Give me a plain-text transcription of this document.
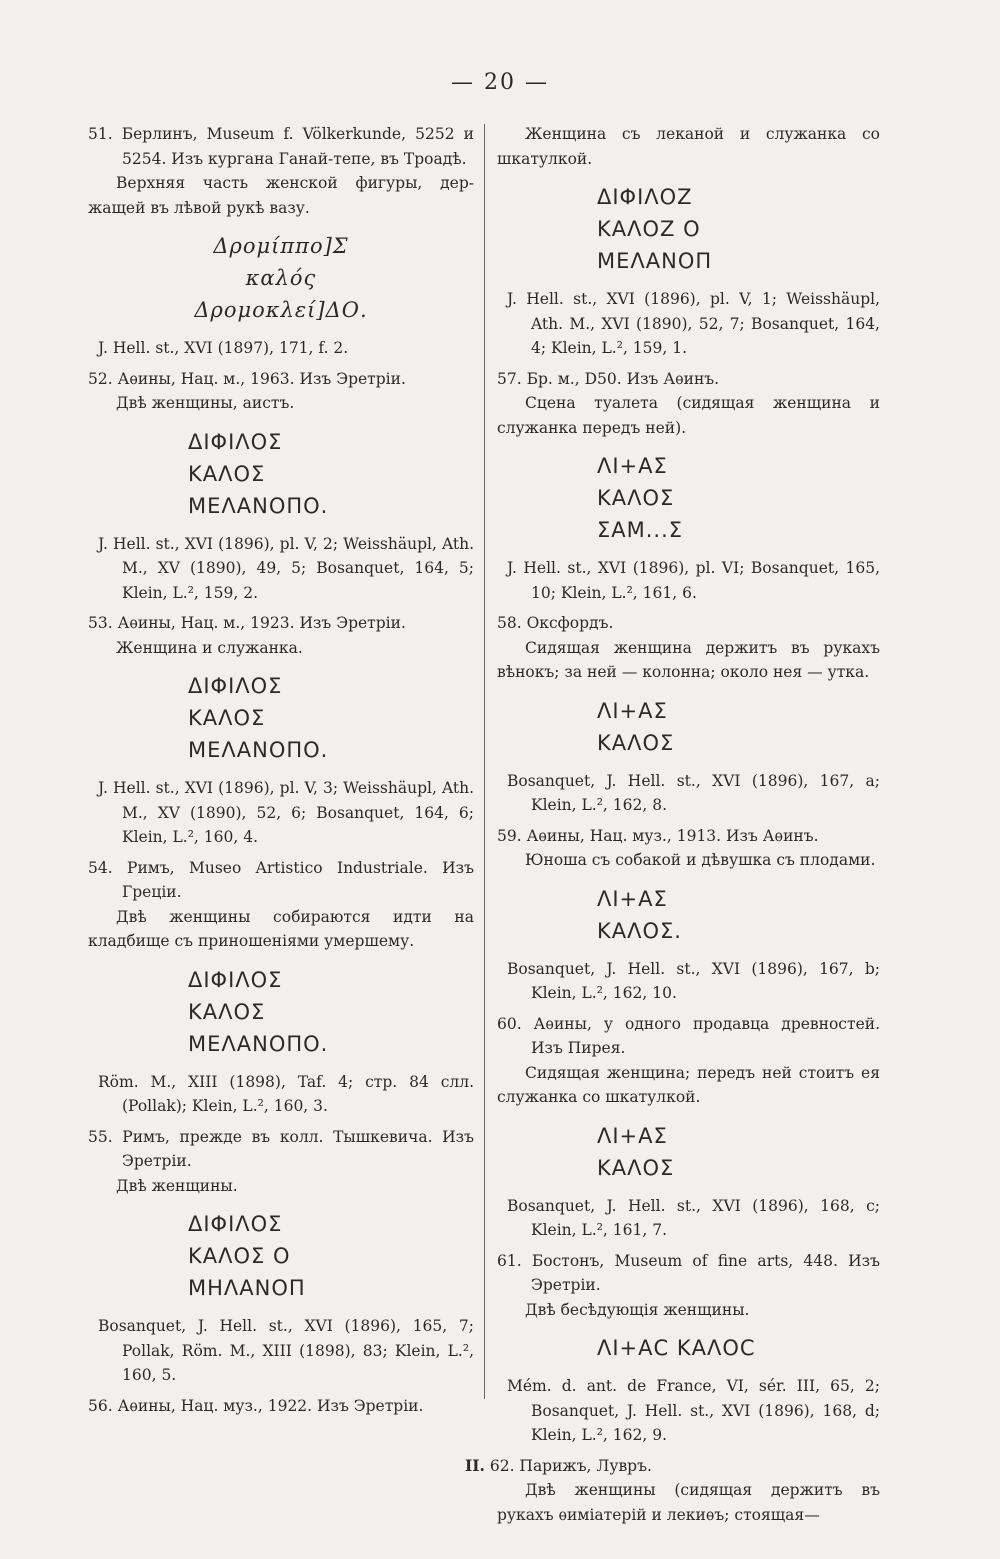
— 20 —

51. Берлинъ, Museum f. Völkerkunde, 5252 и 5254. Изъ кургана Ганай-тепе, въ Троадѣ.

Верхняя часть женской фигуры, держащей въ лѣвой рукѣ вазу.

Δρομίππο]Σ
καλός
Δρομοκλεί]ΔΟ.

J. Hell. st., XVI (1897), 171, f. 2.

52. Аѳины, Нац. м., 1963. Изъ Эретріи.

Двѣ женщины, аистъ.

ΔΙΦΙΛΟΣ
ΚΑΛΟΣ
ΜΕΛΑΝΟΠΟ.

J. Hell. st., XVI (1896), pl. V, 2; Weisshäupl, Ath. M., XV (1890), 49, 5; Bosanquet, 164, 5; Klein, L.², 159, 2.

53. Аѳины, Нац. м., 1923. Изъ Эретріи.

Женщина и служанка.

ΔΙΦΙΛΟΣ
ΚΑΛΟΣ
ΜΕΛΑΝΟΠΟ.

J. Hell. st., XVI (1896), pl. V, 3; Weisshäupl, Ath. M., XV (1890), 52, 6; Bosanquet, 164, 6; Klein, L.², 160, 4.

54. Римъ, Museo Artistico Industriale. Изъ Греціи.

Двѣ женщины собираются идти на кладбище съ приношеніями умершему.

ΔΙΦΙΛΟΣ
ΚΑΛΟΣ
ΜΕΛΑΝΟΠΟ.

Röm. M., XIII (1898), Taf. 4; стр. 84 слл. (Pollak); Klein, L.², 160, 3.

55. Римъ, прежде въ колл. Тышкевича. Изъ Эретріи.

Двѣ женщины.

ΔΙΦΙΛΟΣ
ΚΑΛΟΣ Ο
ΜΗΛΑΝΟΠ

Bosanquet, J. Hell. st., XVI (1896), 165, 7; Pollak, Röm. M., XIII (1898), 83; Klein, L.², 160, 5.

56. Аѳины, Нац. муз., 1922. Изъ Эретріи.

Женщина съ леканой и служанка со шкатулкой.

ΔΙΦΙΛΟΖ
ΚΑΛΟΖ Ο
ΜΕΛΑΝΟΠ

J. Hell. st., XVI (1896), pl. V, 1; Weisshäupl, Ath. M., XVI (1890), 52, 7; Bosanquet, 164, 4; Klein, L.², 159, 1.

57. Бр. м., D50. Изъ Аѳинъ.

Сцена туалета (сидящая женщина и служанка передъ ней).

ΛΙ+ΑΣ
ΚΑΛΟΣ
ΣΑΜ...Σ

J. Hell. st., XVI (1896), pl. VI; Bosanquet, 165, 10; Klein, L.², 161, 6.

58. Оксфордъ.

Сидящая женщина держитъ въ рукахъ вѣнокъ; за ней — колонна; около нея — утка.

ΛΙ+ΑΣ
ΚΑΛΟΣ

Bosanquet, J. Hell. st., XVI (1896), 167, a; Klein, L.², 162, 8.

59. Аѳины, Нац. муз., 1913. Изъ Аѳинъ.

Юноша съ собакой и дѣвушка съ плодами.

ΛΙ+ΑΣ
ΚΑΛΟΣ.

Bosanquet, J. Hell. st., XVI (1896), 167, b; Klein, L.², 162, 10.

60. Аѳины, у одного продавца древностей. Изъ Пирея.

Сидящая женщина; передъ ней стоитъ ея служанка со шкатулкой.

ΛΙ+ΑΣ
ΚΑΛΟΣ

Bosanquet, J. Hell. st., XVI (1896), 168, c; Klein, L.², 161, 7.

61. Бостонъ, Museum of fine arts, 448. Изъ Эретріи.

Двѣ бесѣдующія женщины.

ΛΙ+ΑϹ ΚΑΛΟϹ

Mém. d. ant. de France, VI, sér. III, 65, 2; Bosanquet, J. Hell. st., XVI (1896), 168, d; Klein, L.², 162, 9.

II. 62. Парижъ, Лувръ.

Двѣ женщины (сидящая держитъ въ рукахъ ѳиміатерій и лекиѳъ; стоящая—
